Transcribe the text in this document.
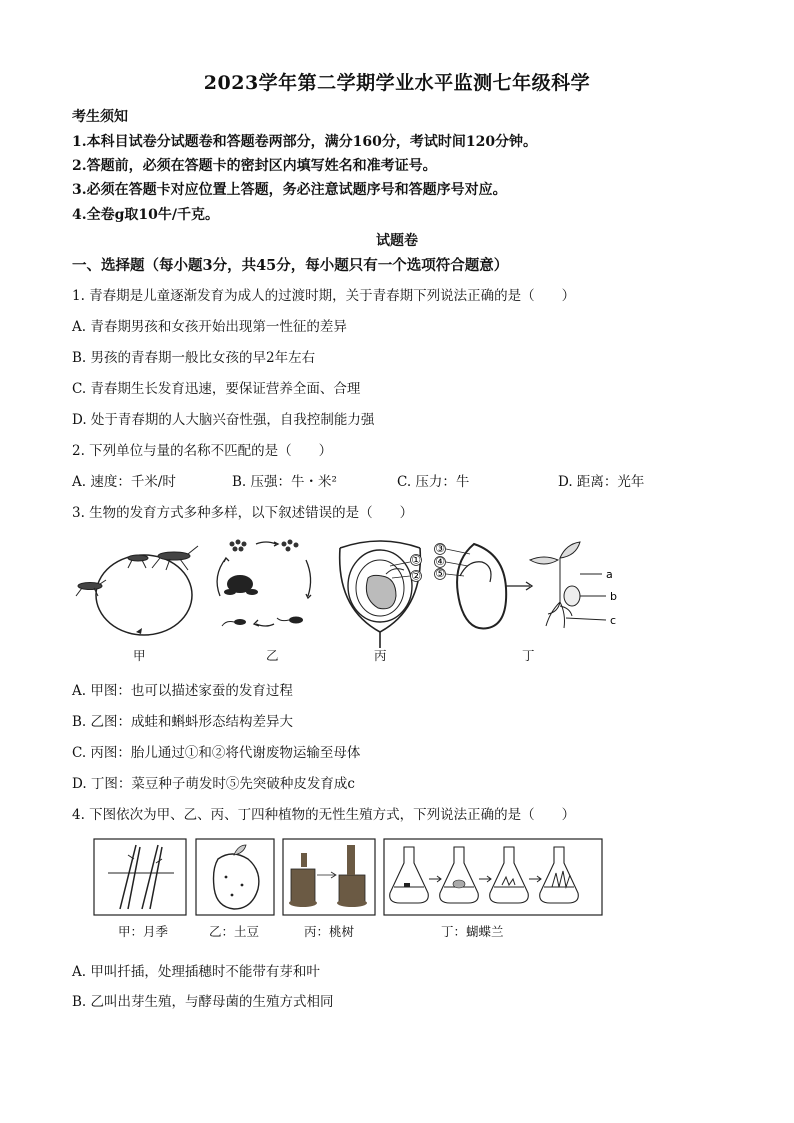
2023学年第二学期学业水平监测七年级科学
考生须知
1.本科目试卷分试题卷和答题卷两部分，满分160分，考试时间120分钟。
2.答题前，必须在答题卡的密封区内填写姓名和准考证号。
3.必须在答题卡对应位置上答题，务必注意试题序号和答题序号对应。
4.全卷g取10牛/千克。
试题卷
一、选择题（每小题3分，共45分，每小题只有一个选项符合题意）
1. 青春期是儿童逐渐发育为成人的过渡时期，关于青春期下列说法正确的是（　　）
A. 青春期男孩和女孩开始出现第一性征的差异
B. 男孩的青春期一般比女孩的早2年左右
C. 青春期生长发育迅速，要保证营养全面、合理
D. 处于青春期的人大脑兴奋性强，自我控制能力强
2. 下列单位与量的名称不匹配的是（　　）
A. 速度：千米/时	B. 压强：牛・米²	C. 压力：牛	D. 距离：光年
3. 生物的发育方式多种多样，以下叙述错误的是（　　）
甲	乙
①
②
丙
③
④
⑤	a
b
c
丁
A. 甲图：也可以描述家蚕的发育过程
B. 乙图：成蛙和蝌蚪形态结构差异大
C. 丙图：胎儿通过①和②将代谢废物运输至母体
D. 丁图：菜豆种子萌发时⑤先突破种皮发育成c
4. 下图依次为甲、乙、丙、丁四种植物的无性生殖方式，下列说法正确的是（　　）
甲：月季	乙：土豆	丙：桃树	丁：蝴蝶兰
A. 甲叫扦插，处理插穗时不能带有芽和叶
B. 乙叫出芽生殖，与酵母菌的生殖方式相同
